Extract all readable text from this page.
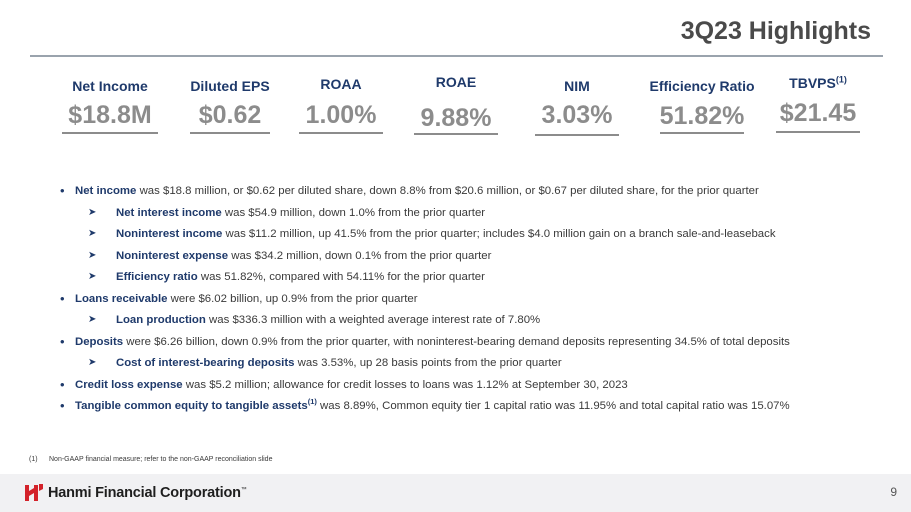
3Q23 Highlights
Net Income
$18.8M
Diluted EPS
$0.62
ROAA
1.00%
ROAE
9.88%
NIM
3.03%
Efficiency Ratio
51.82%
TBVPS$^{(1)}$
$21.45
• Net income was $18.8 million, or $0.62 per diluted share, down 8.8% from $20.6 million, or $0.67 per diluted share, for the prior quarter
➤ Net interest income was $54.9 million, down 1.0% from the prior quarter
➤ Noninterest income was $11.2 million, up 41.5% from the prior quarter; includes $4.0 million gain on a branch sale-and-leaseback
➤ Noninterest expense was $34.2 million, down 0.1% from the prior quarter
➤ Efficiency ratio was 51.82%, compared with 54.11% for the prior quarter
• Loans receivable were $6.02 billion, up 0.9% from the prior quarter
➤ Loan production was $336.3 million with a weighted average interest rate of 7.80%
• Deposits were $6.26 billion, down 0.9% from the prior quarter, with noninterest-bearing demand deposits representing 34.5% of total deposits
➤ Cost of interest-bearing deposits was 3.53%, up 28 basis points from the prior quarter
• Credit loss expense was $5.2 million; allowance for credit losses to loans was 1.12% at September 30, 2023
• Tangible common equity to tangible assets$^{(1)}$ was 8.89%, Common equity tier 1 capital ratio was 11.95% and total capital ratio was 15.07%
(1) Non-GAAP financial measure; refer to the non-GAAP reconciliation slide
Hanmi Financial Corporation™	9
